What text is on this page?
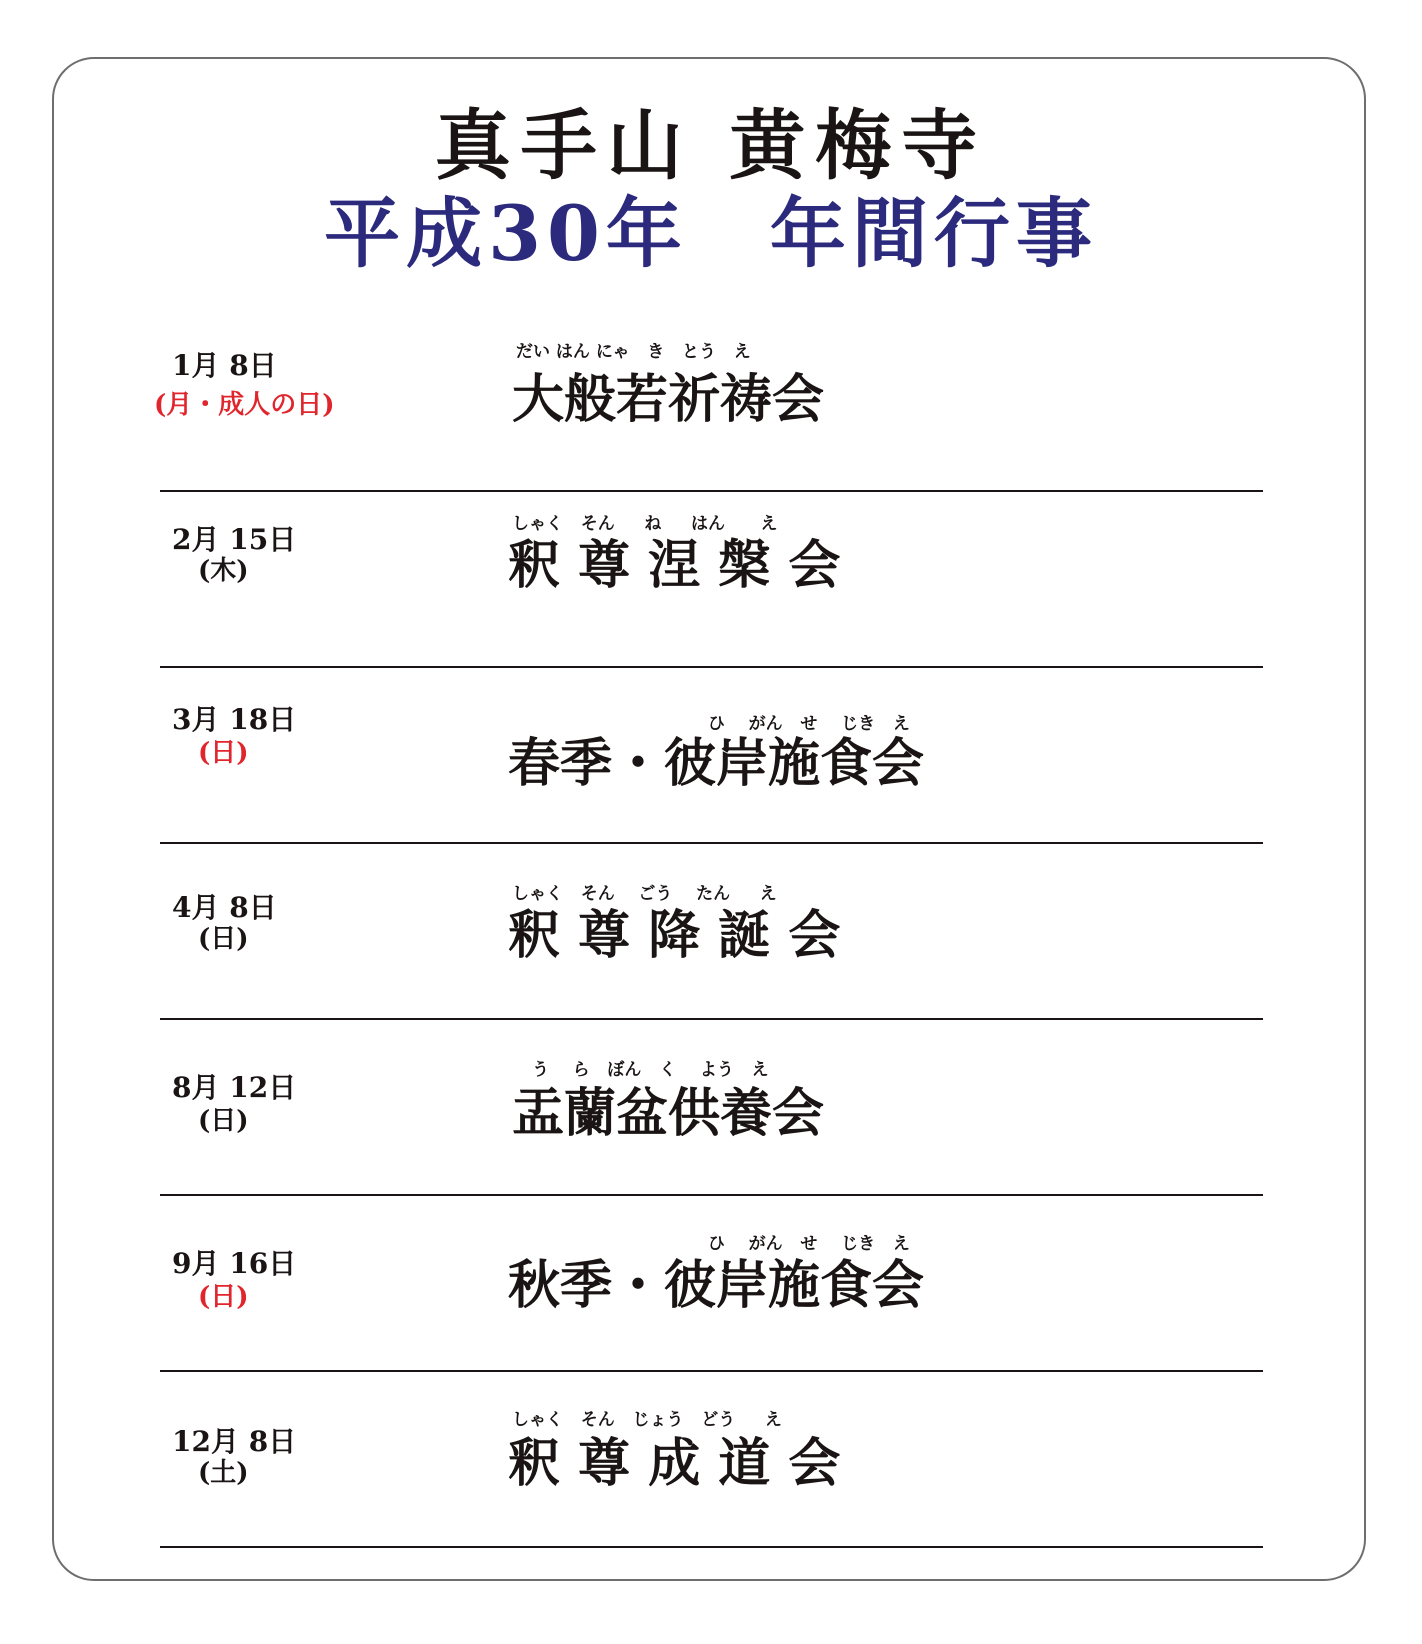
真手山 黄梅寺
平成30年　年間行事
1月 8日
(月・成人の日)
だい はん にゃ   き   とう   え
大般若祈祷会
2月 15日
(木)
しゃく   そん     ね     はん      え
釈 尊 涅 槃 会
3月 18日
(日)
ひ    がん   せ    じき   え
春季・彼岸施食会
4月 8日
(日)
しゃく   そん    ごう    たん     え
釈 尊 降 誕 会
8月 12日
(日)
う    ら   ぼん   く    よう   え
盂蘭盆供養会
9月 16日
(日)
ひ    がん   せ    じき   え
秋季・彼岸施食会
12月 8日
(土)
しゃく   そん   じょう   どう     え
釈 尊 成 道 会
